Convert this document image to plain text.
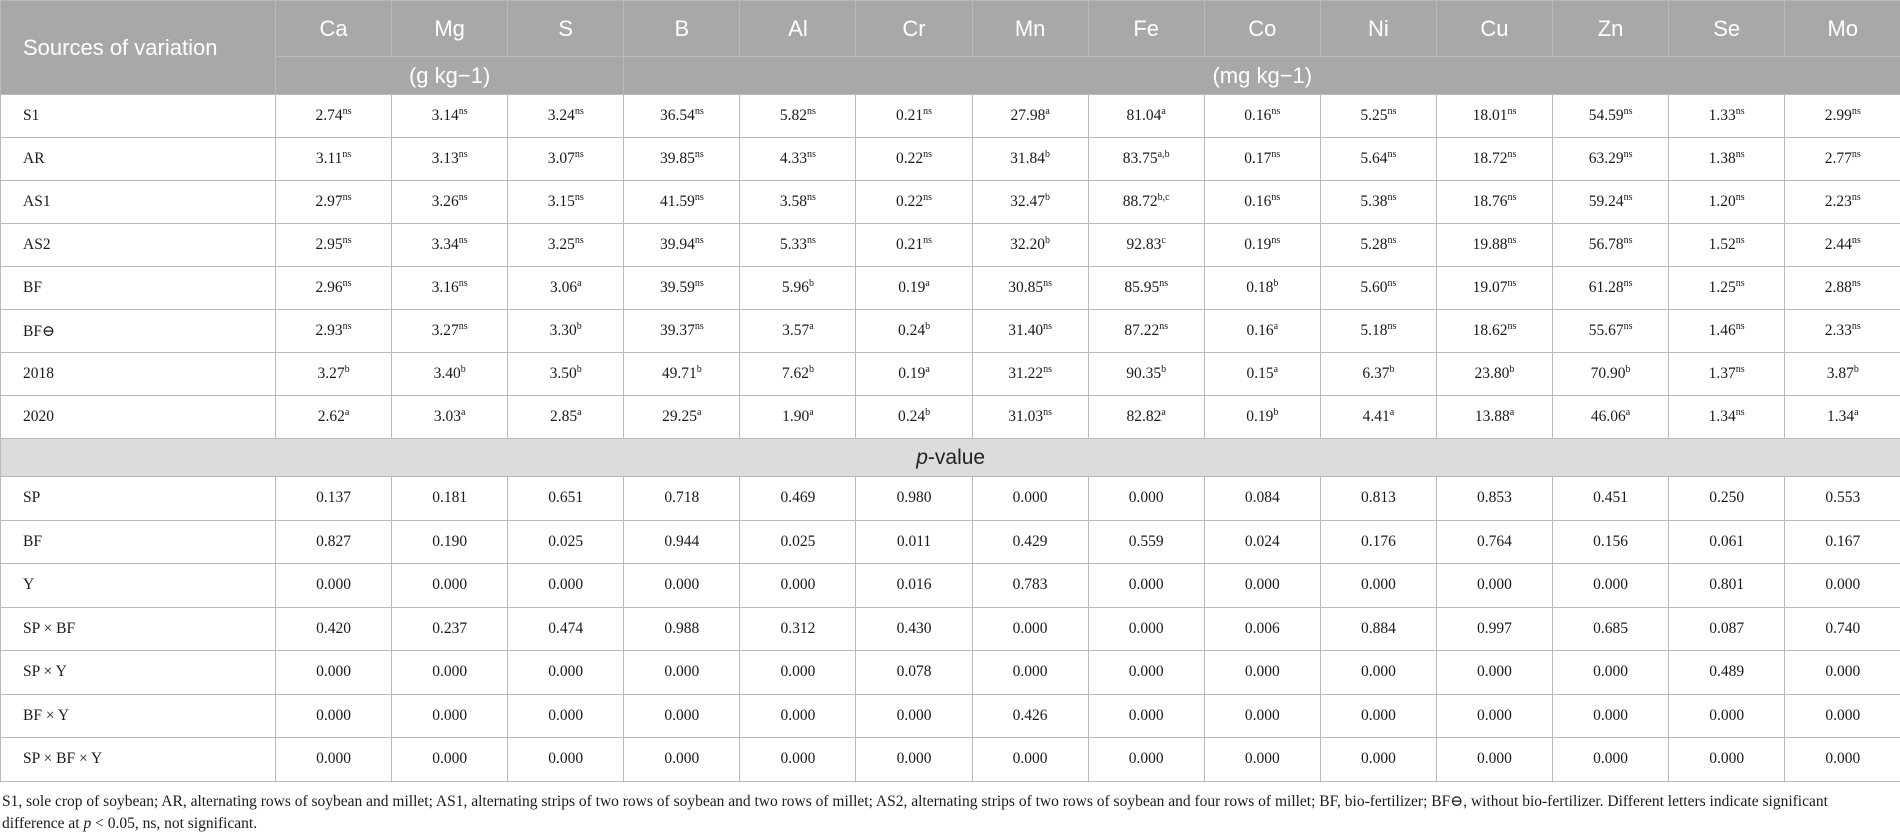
Sources of variation	Ca	Mg	S	B	Al	Cr	Mn	Fe	Co	Ni	Cu	Zn	Se	Mo
	(g kg−1)			(mg kg−1)										
S1	$2.74^{ns}$	$3.14^{ns}$	$3.24^{ns}$	$36.54^{ns}$	$5.82^{ns}$	$0.21^{ns}$	27.98$^a$	81.04$^a$	$0.16^{ns}$	$5.25^{ns}$	$18.01^{ns}$	$54.59^{ns}$	$1.33^{ns}$	$2.99^{ns}$
AR	$3.11^{ns}$	$3.13^{ns}$	$3.07^{ns}$	$39.85^{ns}$	$4.33^{ns}$	$0.22^{ns}$	31.84$^b$	83.75$^{a,b}$	$0.17^{ns}$	$5.64^{ns}$	$18.72^{ns}$	$63.29^{ns}$	$1.38^{ns}$	$2.77^{ns}$
AS1	$2.97^{ns}$	$3.26^{ns}$	$3.15^{ns}$	$41.59^{ns}$	$3.58^{ns}$	$0.22^{ns}$	32.47$^b$	88.72$^{b,c}$	$0.16^{ns}$	$5.38^{ns}$	$18.76^{ns}$	$59.24^{ns}$	$1.20^{ns}$	$2.23^{ns}$
AS2	$2.95^{ns}$	$3.34^{ns}$	$3.25^{ns}$	$39.94^{ns}$	$5.33^{ns}$	$0.21^{ns}$	32.20$^b$	92.83$^c$	$0.19^{ns}$	$5.28^{ns}$	$19.88^{ns}$	$56.78^{ns}$	$1.52^{ns}$	$2.44^{ns}$
BF	$2.96^{ns}$	$3.16^{ns}$	3.06$^a$	$39.59^{ns}$	5.96$^b$	0.19$^a$	$30.85^{ns}$	$85.95^{ns}$	0.18$^b$	$5.60^{ns}$	$19.07^{ns}$	$61.28^{ns}$	$1.25^{ns}$	$2.88^{ns}$
BF⊖	$2.93^{ns}$	$3.27^{ns}$	3.30$^b$	$39.37^{ns}$	3.57$^a$	0.24$^b$	$31.40^{ns}$	$87.22^{ns}$	0.16$^a$	$5.18^{ns}$	$18.62^{ns}$	$55.67^{ns}$	$1.46^{ns}$	$2.33^{ns}$
2018	3.27$^b$	3.40$^b$	3.50$^b$	49.71$^b$	7.62$^b$	0.19$^a$	$31.22^{ns}$	90.35$^b$	0.15$^a$	6.37$^b$	23.80$^b$	70.90$^b$	$1.37^{ns}$	3.87$^b$
2020	2.62$^a$	3.03$^a$	2.85$^a$	29.25$^a$	1.90$^a$	0.24$^b$	$31.03^{ns}$	82.82$^a$	0.19$^b$	4.41$^a$	13.88$^a$	46.06$^a$	$1.34^{ns}$	1.34$^a$
p-value														
SP	0.137	0.181	0.651	0.718	0.469	0.980	0.000	0.000	0.084	0.813	0.853	0.451	0.250	0.553
BF	0.827	0.190	0.025	0.944	0.025	0.011	0.429	0.559	0.024	0.176	0.764	0.156	0.061	0.167
Y	0.000	0.000	0.000	0.000	0.000	0.016	0.783	0.000	0.000	0.000	0.000	0.000	0.801	0.000
SP × BF	0.420	0.237	0.474	0.988	0.312	0.430	0.000	0.000	0.006	0.884	0.997	0.685	0.087	0.740
SP × Y	0.000	0.000	0.000	0.000	0.000	0.078	0.000	0.000	0.000	0.000	0.000	0.000	0.489	0.000
BF × Y	0.000	0.000	0.000	0.000	0.000	0.000	0.426	0.000	0.000	0.000	0.000	0.000	0.000	0.000
SP × BF × Y	0.000	0.000	0.000	0.000	0.000	0.000	0.000	0.000	0.000	0.000	0.000	0.000	0.000	0.000
S1, sole crop of soybean; AR, alternating rows of soybean and millet; AS1, alternating strips of two rows of soybean and two rows of millet; AS2, alternating strips of two rows of soybean and four rows of millet; BF, bio-fertilizer; BF⊖, without bio-fertilizer. Different letters indicate significant difference at p < 0.05, ns, not significant.
